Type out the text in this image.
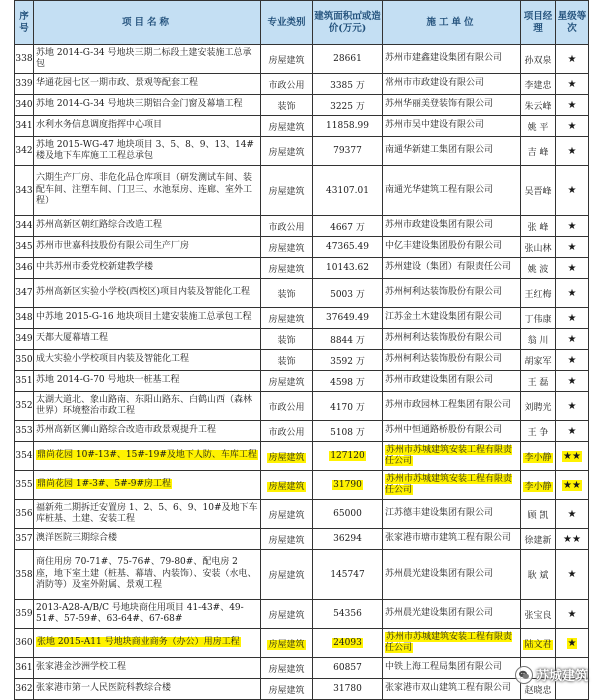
序号	项目名称	专业类别	建筑面积㎡或造价(万元)	施工单位	项目经理	星级等次
338	苏地 2014-G-34 号地块三期二标段土建安装施工总承包	房屋建筑	28661	苏州市建鑫建设集团有限公司	孙双泉	★
339	华通花园七区一期市政、景观等配套工程	市政公用	3385 万	常州市市政建设有限公司	李建忠	★
340	苏地 2014-G-34 号地块三期铝合金门窗及幕墙工程	装饰	3225 万	苏州华丽美登装饰有限公司	朱云峰	★
341	水利水务信息调度指挥中心项目	房屋建筑	11858.99	苏州市吴中建设有限公司	姚 平	★
342	苏地 2015-WG-47 地块项目 3、5、8、9、13、14#楼及地下车库施工工程总承包	房屋建筑	79377	南通华新建工集团有限公司	吉 峰	★
343	六期生产厂房、非危化品仓库项目（研发测试车间、装配车间、注塑车间、门卫三、水池泵房、连廊、室外工程）	房屋建筑	43107.01	南通光华建筑工程有限公司	吴晋峰	★
344	苏州高新区朝红路综合改造工程	市政公用	4667 万	苏州市政建设集团有限公司	张 峰	★
345	苏州市世嘉科技股份有限公司生产厂房	房屋建筑	47365.49	中亿丰建设集团股份有限公司	张山林	★
346	中共苏州市委党校新建教学楼	房屋建筑	10143.62	苏州建设（集团）有限责任公司	姚 波	★
347	苏州高新区实验小学校(西校区)项目内装及智能化工程	装饰	5003 万	苏州柯利达装饰股份有限公司	王红梅	★
348	中苏地 2015-G-16 地块项目土建安装施工总承包工程	房屋建筑	37649.49	江苏金土木建设集团有限公司	丁伟康	★
349	天都大厦幕墙工程	装饰	8844 万	苏州柯利达装饰股份有限公司	翁 川	★
350	成大实验小学校项目内装及智能化工程	装饰	3592 万	苏州柯利达装饰股份有限公司	胡家军	★
351	苏地 2014-G-70 号地块一桩基工程	房屋建筑	4598 万	苏州市政建设集团有限公司	王 磊	★
352	太湖大道北、象山路南、东阳山路东、白鹤山西（森林世界）环境整治市政工程	市政公用	4170 万	苏州市政园林工程集团有限公司	刘聘光	★
353	苏州高新区狮山路综合改造市政景观提升工程	市政公用	5108 万	苏州中恒通路桥股份有限公司	王 争	★
354	鼎尚花园 10#-13#、15#-19#及地下人防、车库工程	房屋建筑	127120	苏州市苏城建筑安装工程有限责任公司	李小静	★★
355	鼎尚花园 1#-3#、5#-9#房工程	房屋建筑	31790	苏州市苏城建筑安装工程有限责任公司	李小静	★★
356	福新苑二期拆迁安置房 1、2、5、6、9、10#及地下车库桩基、土建、安装工程	房屋建筑	65000	江苏德丰建设集团有限公司	顾 凯	★
357	澳洋医院三期综合楼	房屋建筑	36294	张家港市塘市建筑工程有限公司	徐建新	★★
358	商住用房 70-71#、75-76#、79-80#、配电房 2 座，地下室土建（桩基、幕墙、内装饰）、安装（水电、消防等）及室外附属、景观工程	房屋建筑	145747	苏州晨光建设集团有限公司	耿 斌	★
359	2013-A28-A/B/C 号地块商住用项目 41-43#、49-51#、57-59#、63-64#、67-68#	房屋建筑	54356	苏州晨光建设集团有限公司	张宝良	★
360	张地 2015-A11 号地块商业商务（办公）用房工程	房屋建筑	24093	苏州市苏城建筑安装工程有限责任公司	陆文君	★
361	张家港金沙洲学校工程	房屋建筑	60857	中铁上海工程局集团有限公司		
362	张家港市第一人民医院科教综合楼	房屋建筑	31780	张家港市双山建筑工程有限公司	赵晓忠	
苏城建筑
